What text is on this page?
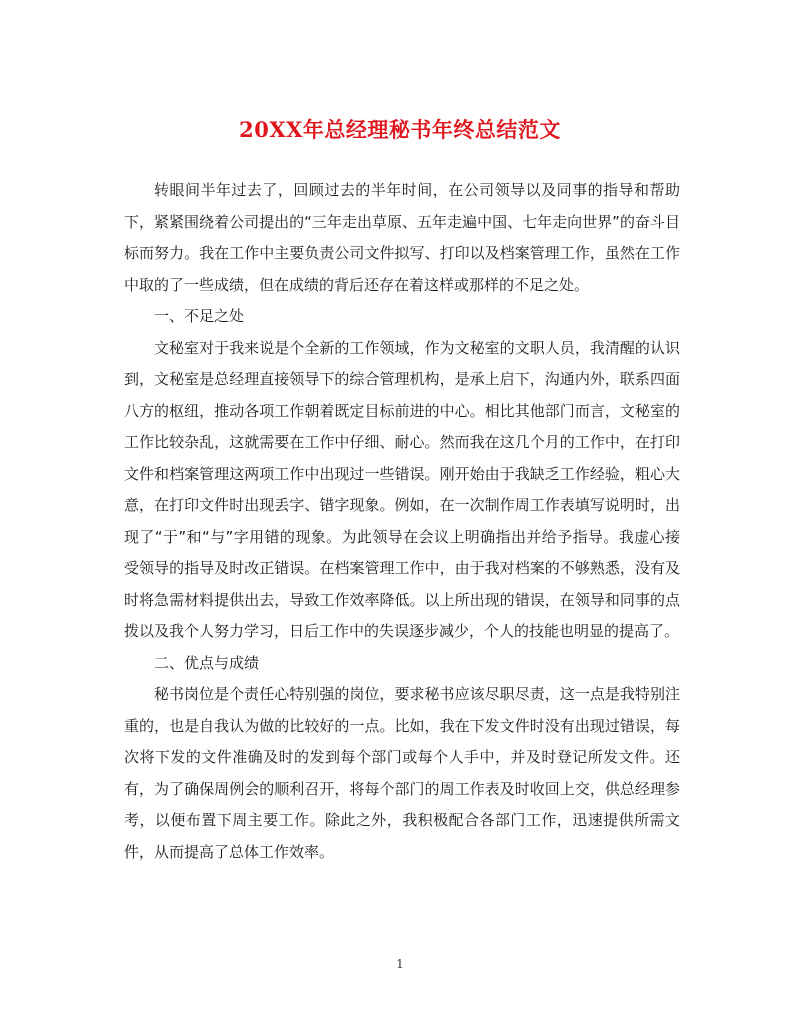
20XX年总经理秘书年终总结范文

转眼间半年过去了，回顾过去的半年时间，在公司领导以及同事的指导和帮助下，紧紧围绕着公司提出的“三年走出草原、五年走遍中国、七年走向世界”的奋斗目标而努力。我在工作中主要负责公司文件拟写、打印以及档案管理工作，虽然在工作中取的了一些成绩，但在成绩的背后还存在着这样或那样的不足之处。

一、不足之处

文秘室对于我来说是个全新的工作领域，作为文秘室的文职人员，我清醒的认识到，文秘室是总经理直接领导下的综合管理机构，是承上启下，沟通内外，联系四面八方的枢纽，推动各项工作朝着既定目标前进的中心。相比其他部门而言，文秘室的工作比较杂乱，这就需要在工作中仔细、耐心。然而我在这几个月的工作中，在打印文件和档案管理这两项工作中出现过一些错误。刚开始由于我缺乏工作经验，粗心大意，在打印文件时出现丢字、错字现象。例如，在一次制作周工作表填写说明时，出现了“于”和“与”字用错的现象。为此领导在会议上明确指出并给予指导。我虚心接受领导的指导及时改正错误。在档案管理工作中，由于我对档案的不够熟悉，没有及时将急需材料提供出去，导致工作效率降低。以上所出现的错误，在领导和同事的点拨以及我个人努力学习，日后工作中的失误逐步减少，个人的技能也明显的提高了。

二、优点与成绩

秘书岗位是个责任心特别强的岗位，要求秘书应该尽职尽责，这一点是我特别注重的，也是自我认为做的比较好的一点。比如，我在下发文件时没有出现过错误，每次将下发的文件准确及时的发到每个部门或每个人手中，并及时登记所发文件。还有，为了确保周例会的顺利召开，将每个部门的周工作表及时收回上交，供总经理参考，以便布置下周主要工作。除此之外，我积极配合各部门工作，迅速提供所需文件，从而提高了总体工作效率。

1
